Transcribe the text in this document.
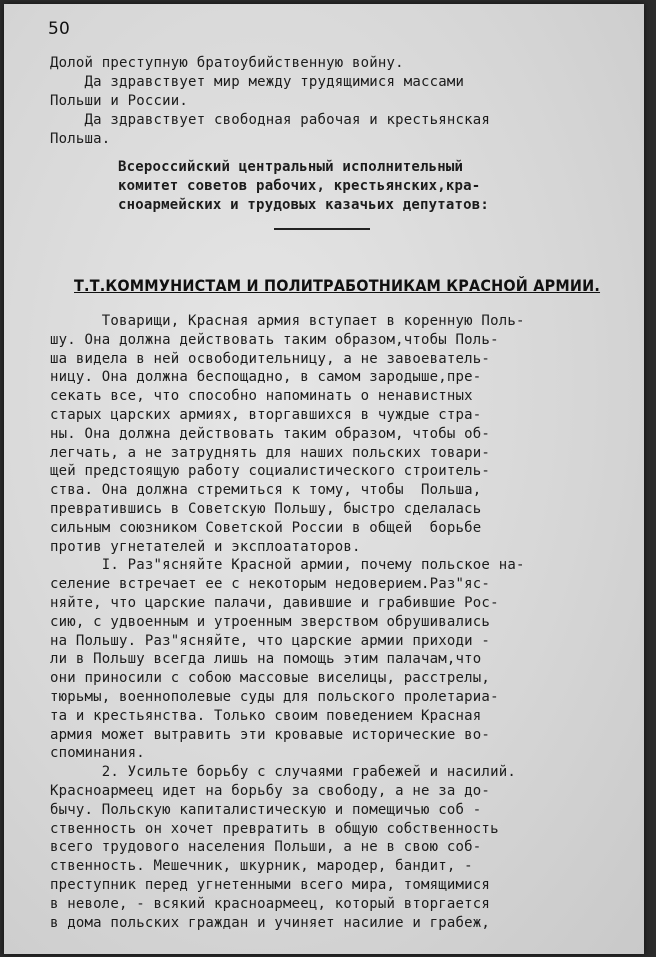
50
Долой преступную братоубийственную войну.
Да здравствует мир между трудящимися массами
Польши и России.
Да здравствует свободная рабочая и крестьянская
Польша.
Всероссийский центральный исполнительный
комитет советов рабочих, крестьянских,кра-
сноармейских и трудовых казачьих депутатов:
Т.Т.КОММУНИСТАМ И ПОЛИТРАБОТНИКАМ КРАСНОЙ АРМИИ.
Товарищи, Красная армия вступает в коренную Поль-
шу. Она должна действовать таким образом,чтобы Поль-
ша видела в ней освободительницу, а не завоеватель-
ницу. Она должна беспощадно, в самом зародыше,пре-
секать все, что способно напоминать о ненавистных
старых царских армиях, вторгавшихся в чуждые стра-
ны. Она должна действовать таким образом, чтобы об-
легчать, а не затруднять для наших польских товари-
щей предстоящую работу социалистического строитель-
ства. Она должна стремиться к тому, чтобы  Польша,
превратившись в Советскую Польшу, быстро сделалась
сильным союзником Советской России в общей  борьбе
против угнетателей и эксплоататоров.
I. Раз"ясняйте Красной армии, почему польское на-
селение встречает ее с некоторым недоверием.Раз"яс-
няйте, что царские палачи, давившие и грабившие Рос-
сию, с удвоенным и утроенным зверством обрушивались
на Польшу. Раз"ясняйте, что царские армии приходи -
ли в Польшу всегда лишь на помощь этим палачам,что
они приносили с собою массовые виселицы, расстрелы,
тюрьмы, военнополевые суды для польского пролетариа-
та и крестьянства. Только своим поведением Красная
армия может вытравить эти кровавые исторические во-
споминания.
2. Усильте борьбу с случаями грабежей и насилий.
Красноармеец идет на борьбу за свободу, а не за до-
бычу. Польскую капиталистическую и помещичью соб -
ственность он хочет превратить в общую собственность
всего трудового населения Польши, а не в свою соб-
ственность. Мешечник, шкурник, мародер, бандит, -
преступник перед угнетенными всего мира, томящимися
в неволе, - всякий красноармеец, который вторгается
в дома польских граждан и учиняет насилие и грабеж,
